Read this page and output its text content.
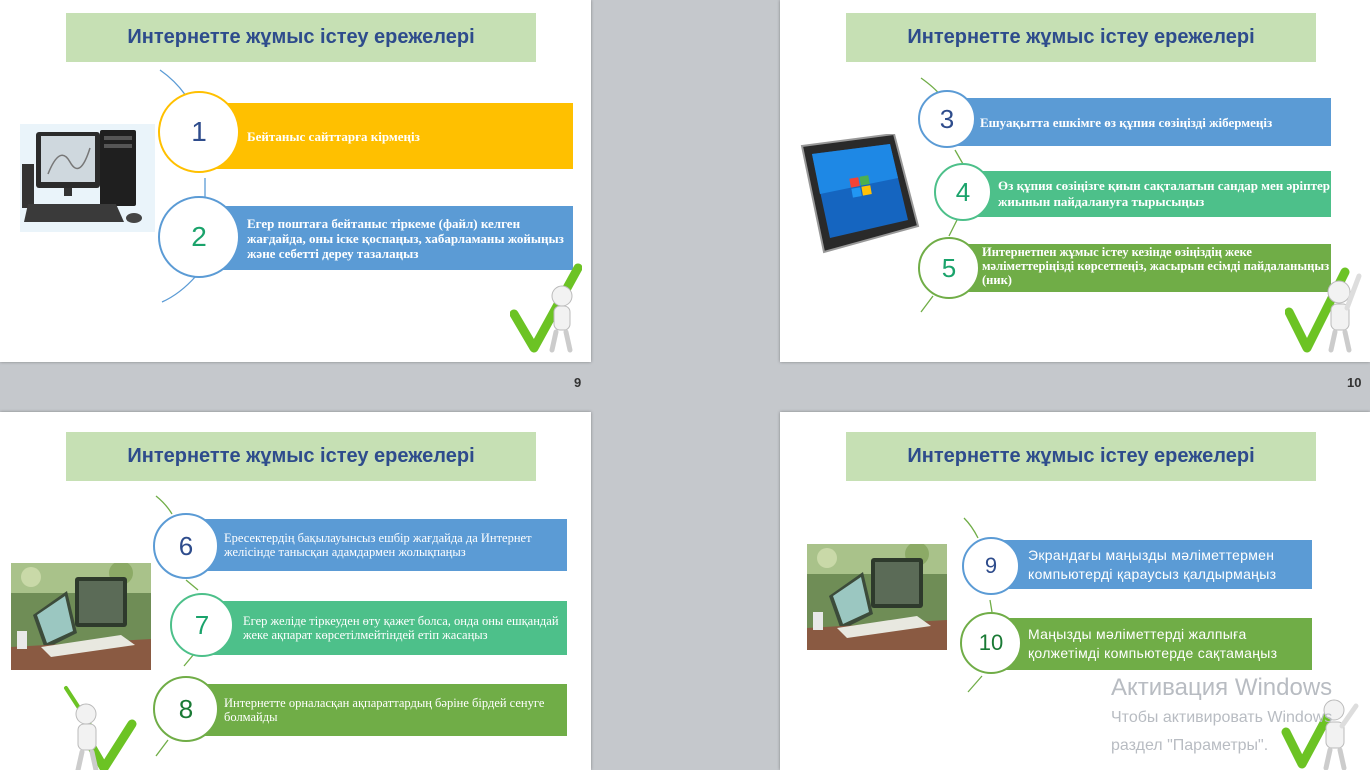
Интернетте жұмыс істеу ережелері
Бейтаныс сайттарға кірмеңіз
1
Егер поштаға бейтаныс тіркеме (файл) келген жағдайда, оны іске қоспаңыз, хабарламаны жойыңыз және себетті дереу тазалаңыз
2
9
Интернетте жұмыс істеу ережелері
Ешуақытта ешкімге өз құпия сөзіңізді жібермеңіз
3
Өз құпия сөзіңізге қиын сақталатын сандар мен әріптер жиынын пайдалануға тырысыңыз
4
Интернетпен жұмыс істеу кезінде өзіңіздің жеке мәліметтеріңізді көрсетпеңіз, жасырын есімді пайдаланыңыз (ник)
5
10
Интернетте жұмыс істеу ережелері
Ересектердің бақылауынсыз ешбір жағдайда да Интернет желісінде танысқан адамдармен жолықпаңыз
6
Егер желіде тіркеуден өту қажет болса, онда оны ешқандай жеке ақпарат көрсетілмейтіндей етіп жасаңыз
7
Интернетте орналасқан ақпараттардың бәріне бірдей сенуге болмайды
8
Интернетте жұмыс істеу ережелері
Экрандағы маңызды мәліметтермен компьютерді қараусыз қалдырмаңыз
9
Маңызды мәліметтерді жалпыға қолжетімді компьютерде сақтамаңыз
10
Активация Windows
Чтобы активировать Windows
раздел "Параметры".
